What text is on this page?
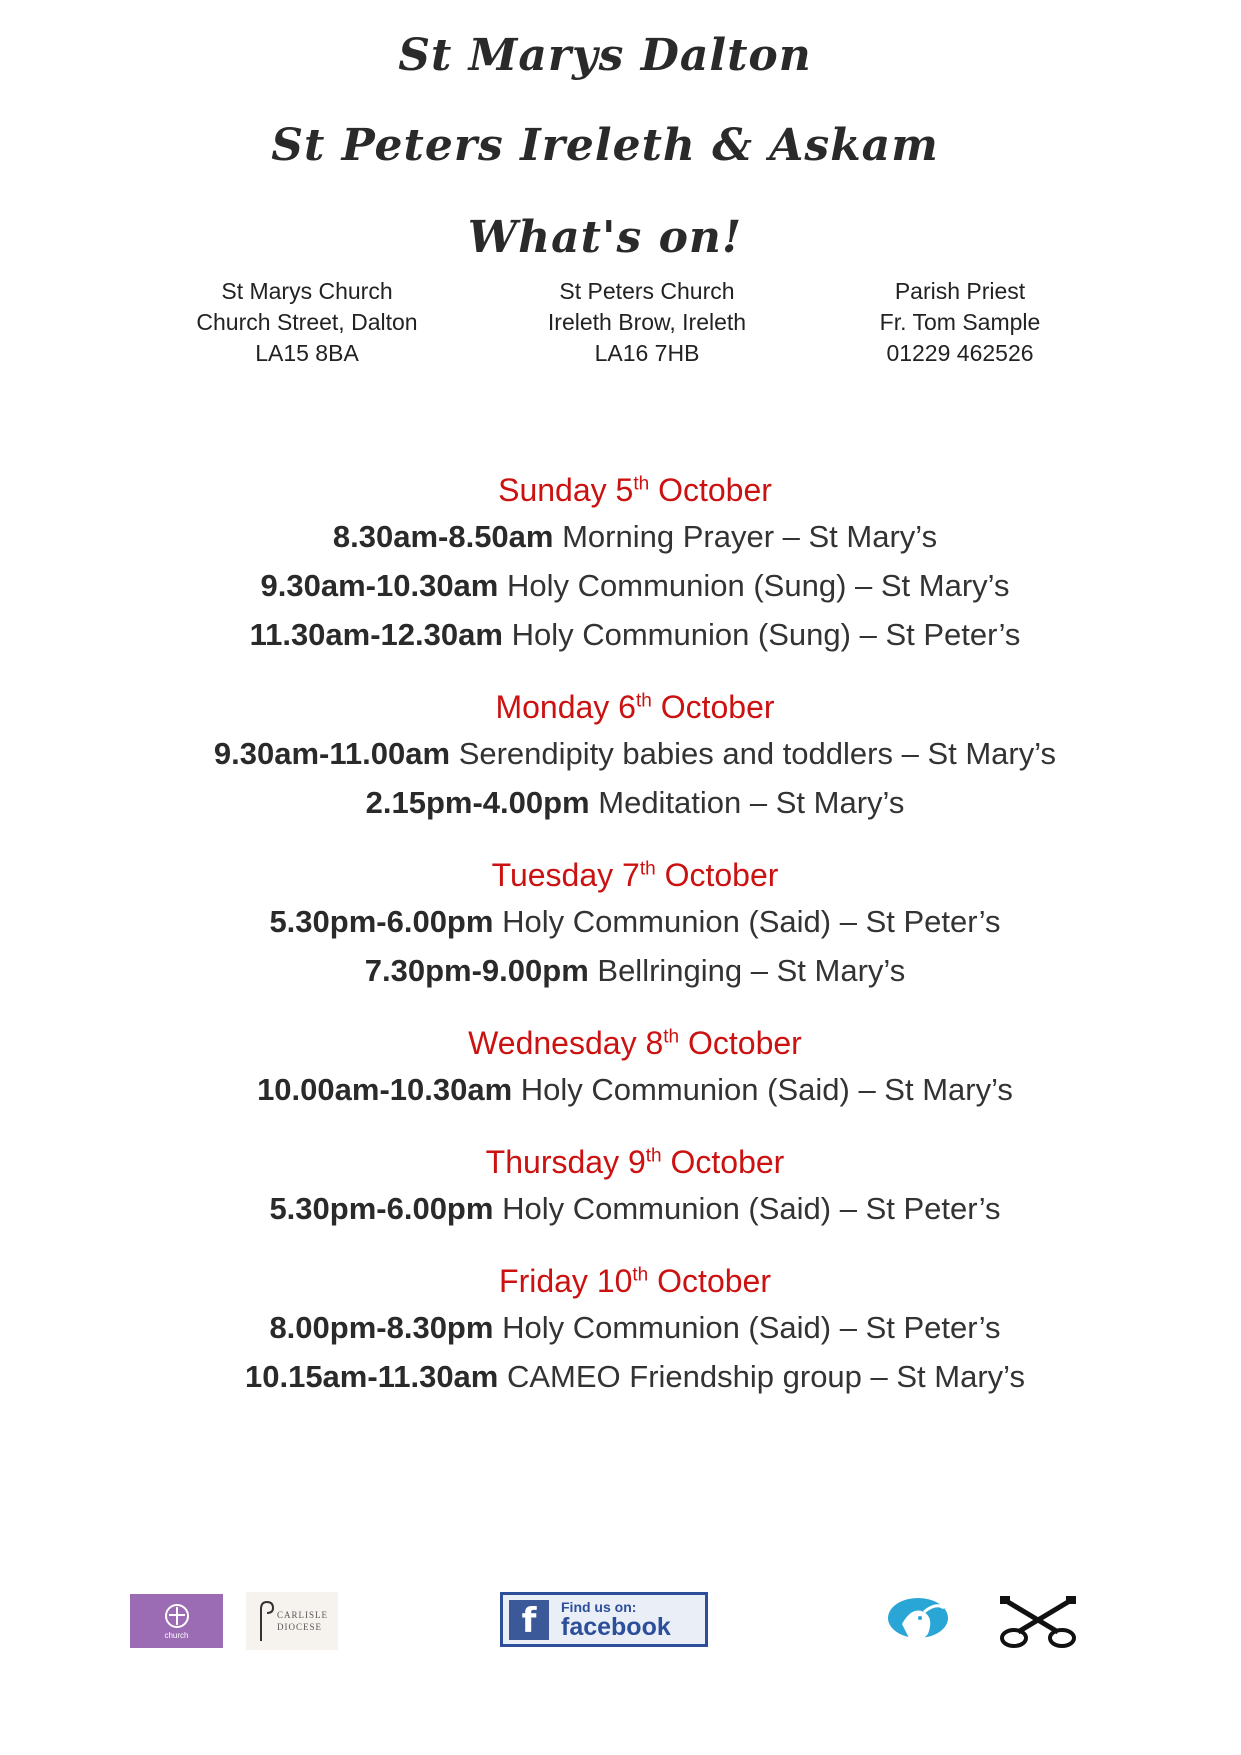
St Marys Dalton
St Peters Ireleth & Askam
What's on!
St Marys Church
Church Street, Dalton
LA15 8BA
St Peters Church
Ireleth Brow, Ireleth
LA16 7HB
Parish Priest
Fr. Tom Sample
01229 462526
Sunday 5th October
8.30am-8.50am Morning Prayer – St Mary’s
9.30am-10.30am Holy Communion (Sung) – St Mary’s
11.30am-12.30am Holy Communion (Sung) – St Peter’s
Monday 6th October
9.30am-11.00am Serendipity babies and toddlers – St Mary’s
2.15pm-4.00pm Meditation – St Mary’s
Tuesday 7th October
5.30pm-6.00pm Holy Communion (Said) – St Peter’s
7.30pm-9.00pm Bellringing – St Mary’s
Wednesday 8th October
10.00am-10.30am Holy Communion (Said) – St Mary’s
Thursday 9th October
5.30pm-6.00pm Holy Communion (Said) – St Peter’s
Friday 10th October
8.00pm-8.30pm Holy Communion (Said) – St Peter’s
10.15am-11.30am CAMEO Friendship group – St Mary’s
church
CARLISLE DIOCESE	f	Find us on:
facebook
